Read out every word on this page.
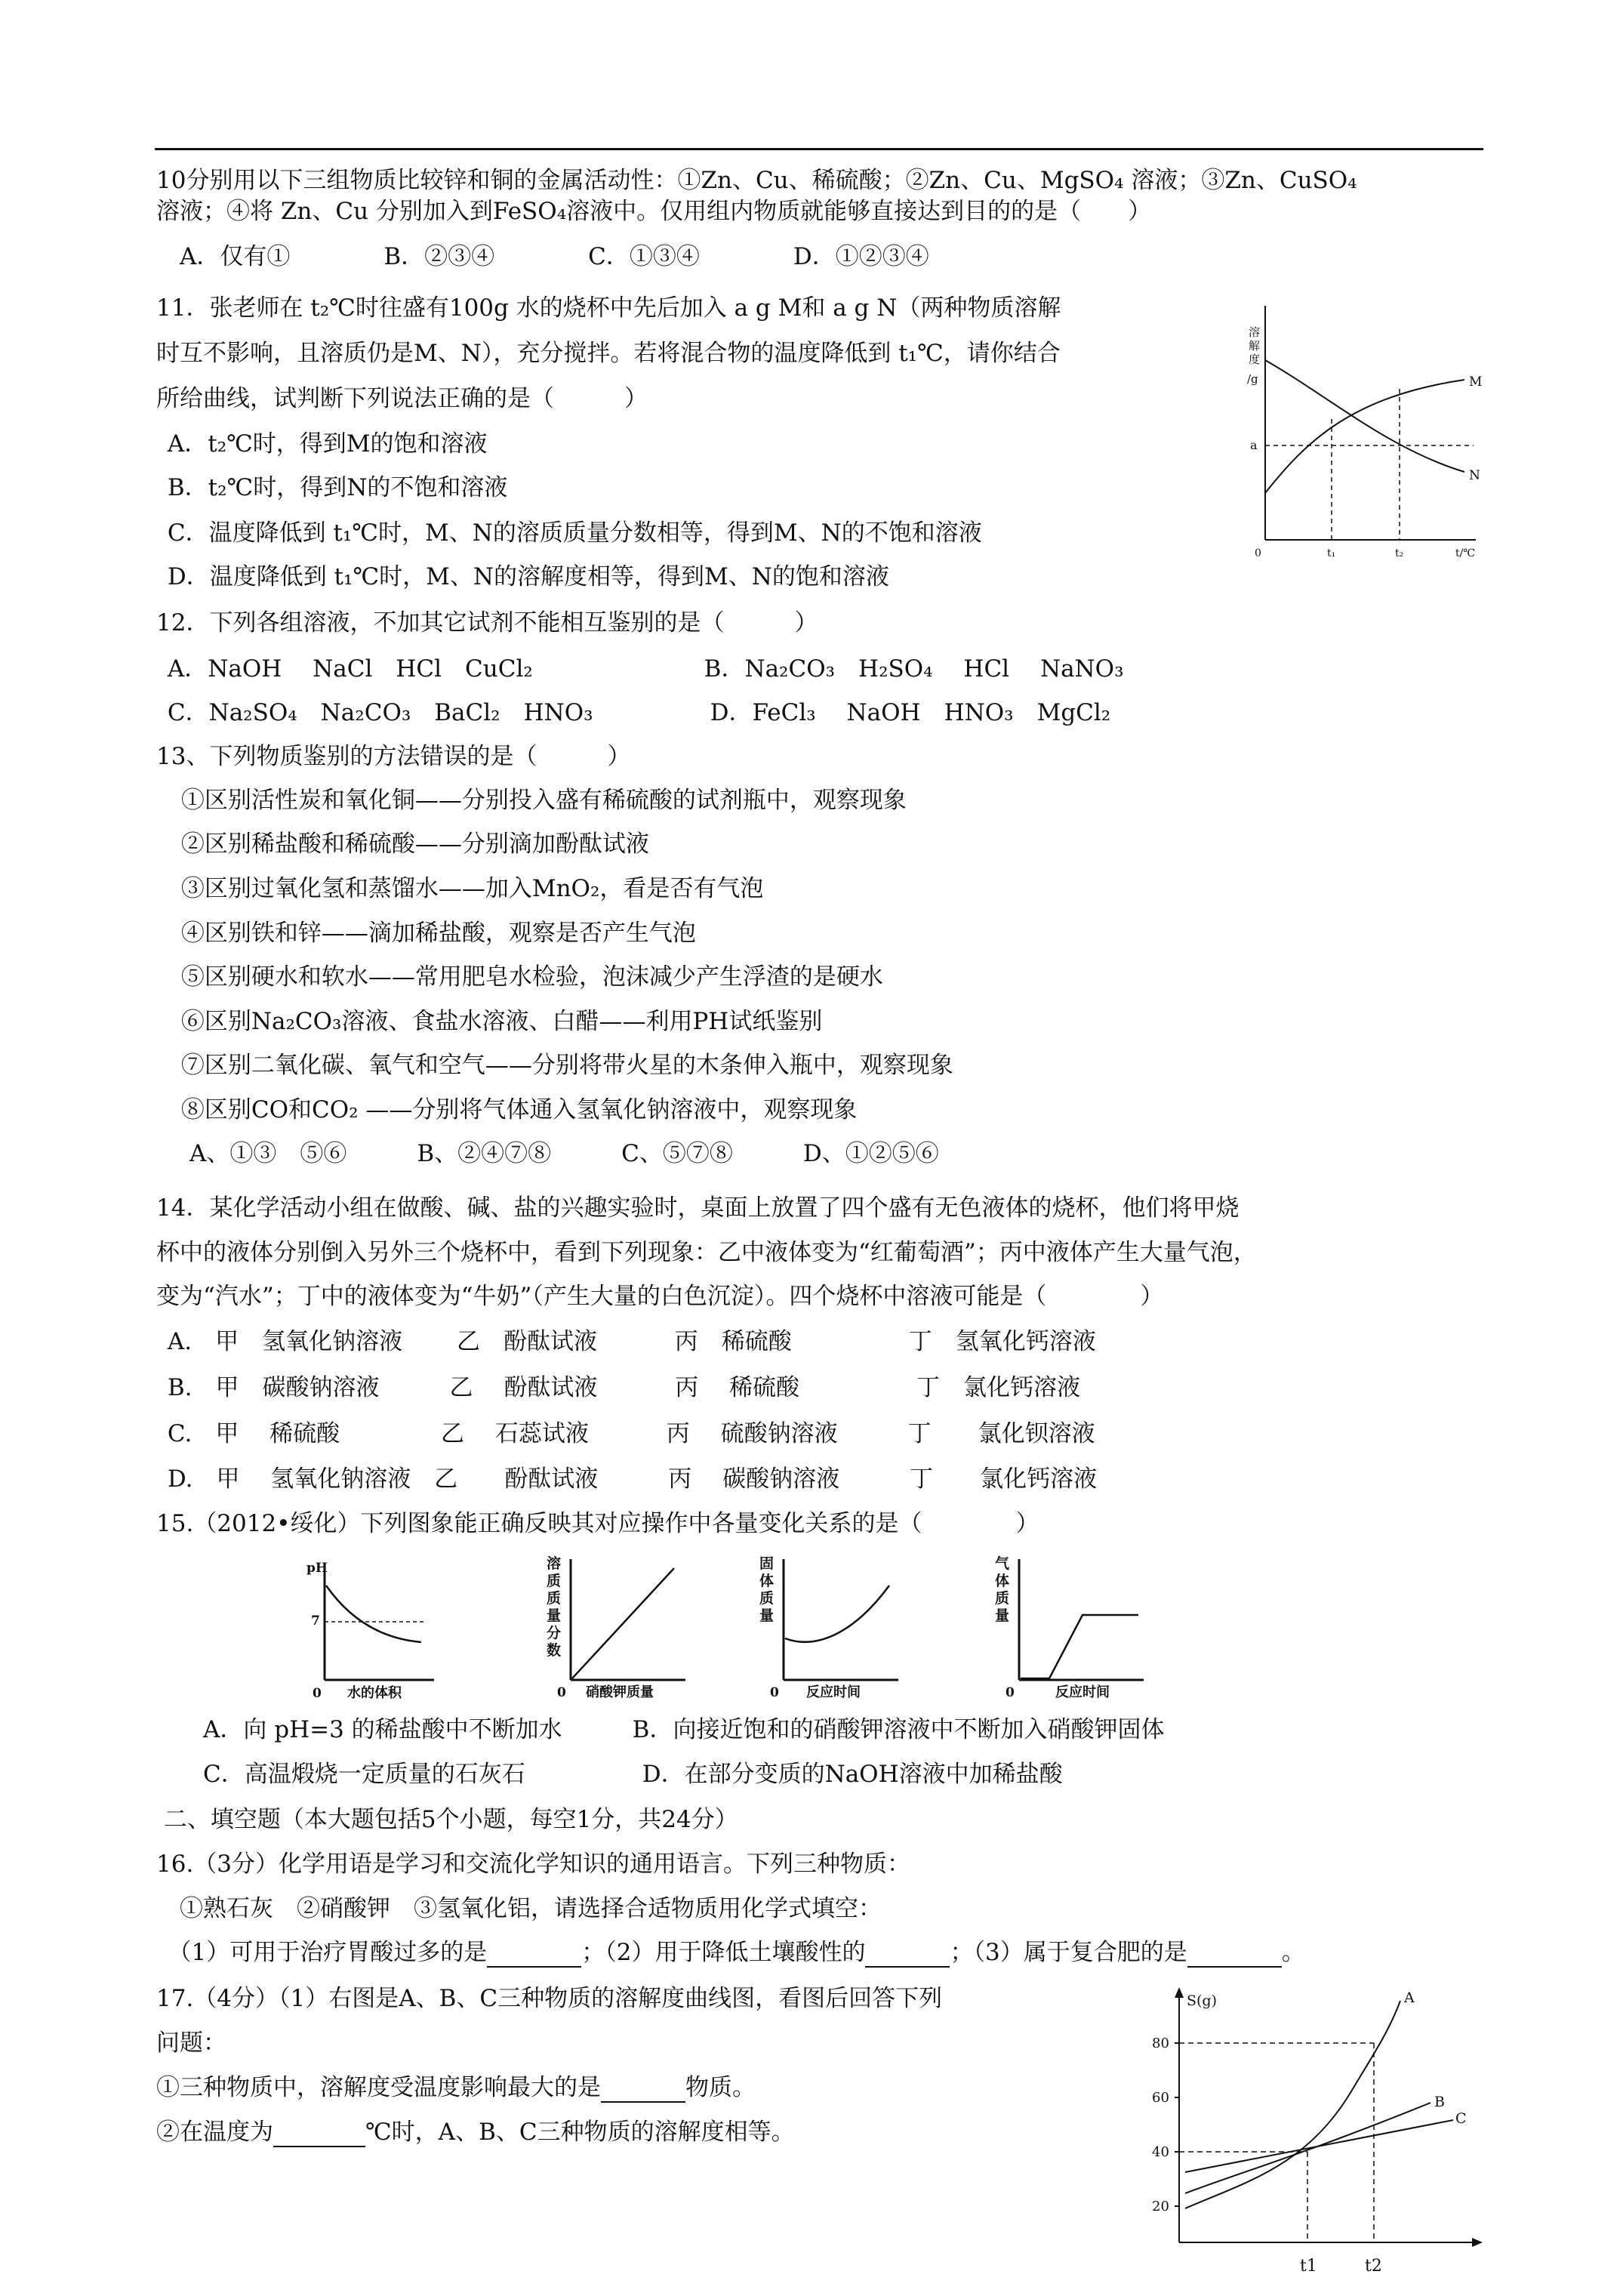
10分别用以下三组物质比较锌和铜的金属活动性：①Zn、Cu、稀硫酸；②Zn、Cu、MgSO₄ 溶液；③Zn、CuSO₄
溶液；④将 Zn、Cu 分别加入到FeSO₄溶液中。仅用组内物质就能够直接达到目的的是（　　）
　A．仅有①　　　　B．②③④　　　　C．①③④　　　　D．①②③④
11．张老师在 t₂℃时往盛有100g 水的烧杯中先后加入 a g M和 a g N（两种物质溶解
时互不影响，且溶质仍是M、N），充分搅拌。若将混合物的温度降低到 t₁℃，请你结合
所给曲线，试判断下列说法正确的是（　　　）
A．t₂℃时，得到M的饱和溶液
B．t₂℃时，得到N的不饱和溶液
C．温度降低到 t₁℃时，M、N的溶质质量分数相等，得到M、N的不饱和溶液
D．温度降低到 t₁℃时，M、N的溶解度相等，得到M、N的饱和溶液
溶
解
度
/g
a
M
N
0	t₁	t₂	t/℃
12．下列各组溶液，不加其它试剂不能相互鉴别的是（　　　）
A．NaOH　 NaCl　HCl　CuCl₂　　　　　　　 B．Na₂CO₃　H₂SO₄　 HCl　 NaNO₃
C．Na₂SO₄　Na₂CO₃　BaCl₂　HNO₃　　　　　D．FeCl₃　 NaOH　HNO₃　MgCl₂
13、下列物质鉴别的方法错误的是（　　　）
①区别活性炭和氧化铜——分别投入盛有稀硫酸的试剂瓶中，观察现象
②区别稀盐酸和稀硫酸——分别滴加酚酞试液
③区别过氧化氢和蒸馏水——加入MnO₂，看是否有气泡
④区别铁和锌——滴加稀盐酸，观察是否产生气泡
⑤区别硬水和软水——常用肥皂水检验，泡沫减少产生浮渣的是硬水
⑥区别Na₂CO₃溶液、食盐水溶液、白醋——利用PH试纸鉴别
⑦区别二氧化碳、氧气和空气——分别将带火星的木条伸入瓶中，观察现象
⑧区别CO和CO₂ ——分别将气体通入氢氧化钠溶液中，观察现象
　A、①③　⑤⑥　　　B、②④⑦⑧　　　C、⑤⑦⑧　　　D、①②⑤⑥
14．某化学活动小组在做酸、碱、盐的兴趣实验时，桌面上放置了四个盛有无色液体的烧杯，他们将甲烧
杯中的液体分别倒入另外三个烧杯中，看到下列现象：乙中液体变为“红葡萄酒”；丙中液体产生大量气泡，
变为“汽水”；丁中的液体变为“牛奶”（产生大量的白色沉淀）。四个烧杯中溶液可能是（　　　　）
A.　甲　氢氧化钠溶液　　 乙　酚酞试液　　　 丙　稀硫酸　　　　　丁　氢氧化钙溶液
B.　甲　碳酸钠溶液　　　乙　 酚酞试液　　　 丙　 稀硫酸　　　　　丁　氯化钙溶液
C.　甲　 稀硫酸　　　　 乙　 石蕊试液　　　 丙　 硫酸钠溶液　　　丁　　氯化钡溶液
D.　甲　 氢氧化钠溶液　乙　　酚酞试液　　　丙　 碳酸钠溶液　　　丁　　氯化钙溶液
15.（2012•绥化）下列图象能正确反映其对应操作中各量变化关系的是（　　　　）
pH
7
0 水的体积
溶
质
质
量
分
数
0 硝酸钾质量
固
体
质
量
0 反应时间
气
体
质
量
0	反应时间
　　A．向 pH=3 的稀盐酸中不断加水　　　B．向接近饱和的硝酸钾溶液中不断加入硝酸钾固体
　　C．高温煅烧一定质量的石灰石　　　　　D．在部分变质的NaOH溶液中加稀盐酸
二、填空题（本大题包括5个小题，每空1分，共24分）
16.（3分）化学用语是学习和交流化学知识的通用语言。下列三种物质：
　①熟石灰　②硝酸钾　③氢氧化铝，请选择合适物质用化学式填空：
　（1）可用于治疗胃酸过多的是	；（2）用于降低土壤酸性的	；（3）属于复合肥的是	。
17.（4分）（1）右图是A、B、C三种物质的溶解度曲线图，看图后回答下列
问题：
①三种物质中，溶解度受温度影响最大的是	物质。
②在温度为	℃时，A、B、C三种物质的溶解度相等。
S(g)
80
60
40
20
A
B
C
t1	t2
